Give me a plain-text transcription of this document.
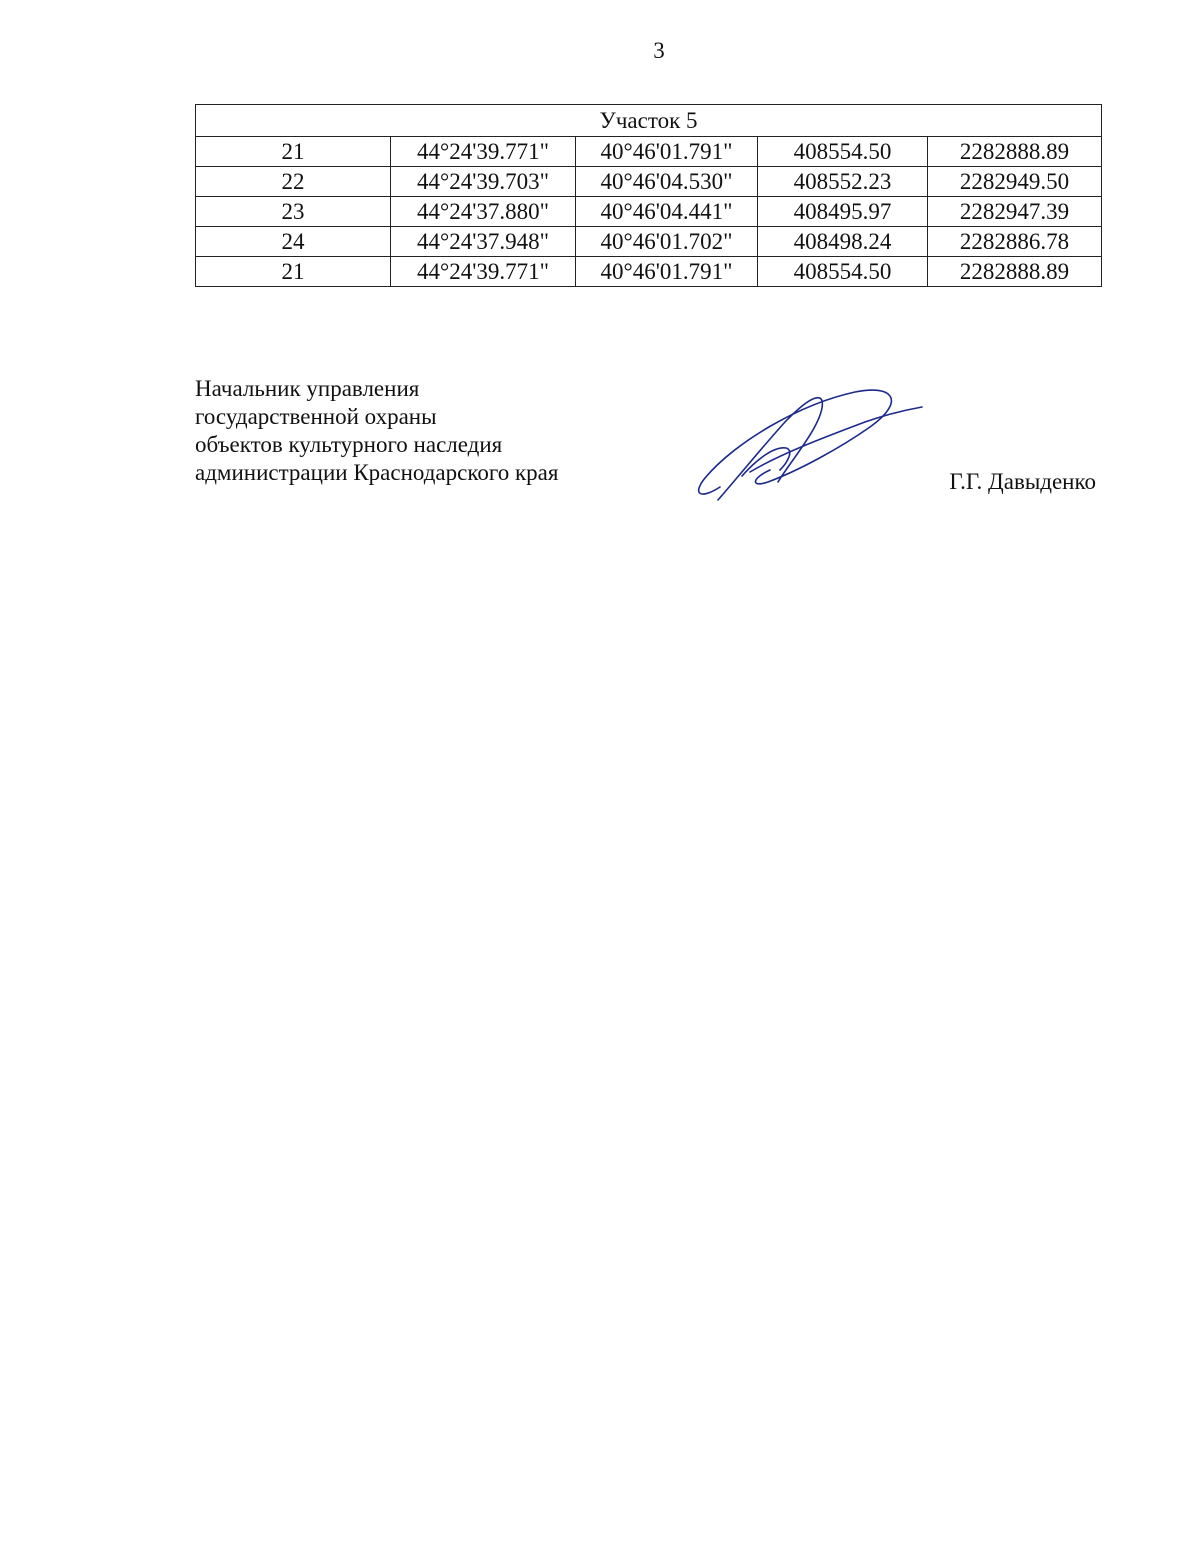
3
Участок 5				
21	44°24'39.771"	40°46'01.791"	408554.50	2282888.89
22	44°24'39.703"	40°46'04.530"	408552.23	2282949.50
23	44°24'37.880"	40°46'04.441"	408495.97	2282947.39
24	44°24'37.948"	40°46'01.702"	408498.24	2282886.78
21	44°24'39.771"	40°46'01.791"	408554.50	2282888.89
Начальник управления
государственной охраны
объектов культурного наследия
администрации Краснодарского края	Г.Г. Давыденко
